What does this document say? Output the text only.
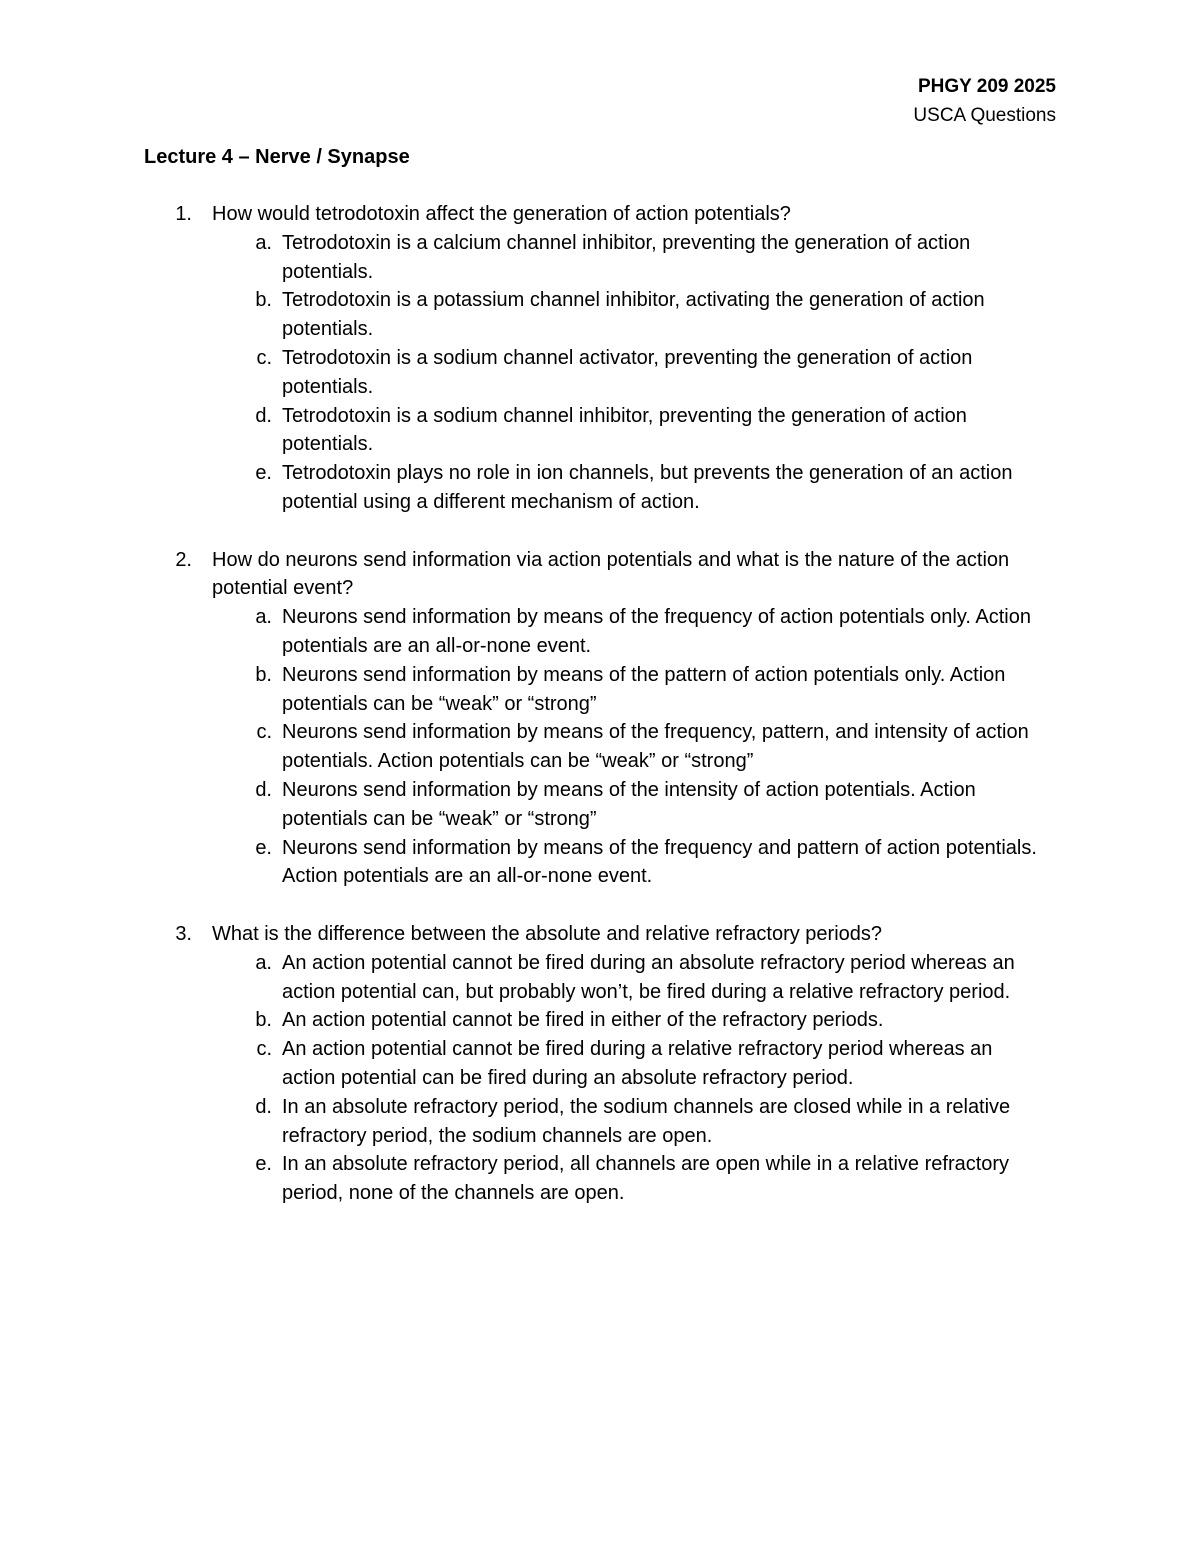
PHGY 209 2025
USCA Questions
Lecture 4 – Nerve / Synapse
1.	How would tetrodotoxin affect the generation of action potentials?
a. Tetrodotoxin is a calcium channel inhibitor, preventing the generation of action potentials.
b. Tetrodotoxin is a potassium channel inhibitor, activating the generation of action potentials.
c. Tetrodotoxin is a sodium channel activator, preventing the generation of action potentials.
d. Tetrodotoxin is a sodium channel inhibitor, preventing the generation of action potentials.
e. Tetrodotoxin plays no role in ion channels, but prevents the generation of an action potential using a different mechanism of action.
2.	How do neurons send information via action potentials and what is the nature of the action potential event?
a. Neurons send information by means of the frequency of action potentials only. Action potentials are an all-or-none event.
b. Neurons send information by means of the pattern of action potentials only. Action potentials can be “weak” or “strong”
c. Neurons send information by means of the frequency, pattern, and intensity of action potentials. Action potentials can be “weak” or “strong”
d. Neurons send information by means of the intensity of action potentials. Action potentials can be “weak” or “strong”
e. Neurons send information by means of the frequency and pattern of action potentials. Action potentials are an all-or-none event.
3.	What is the difference between the absolute and relative refractory periods?
a. An action potential cannot be fired during an absolute refractory period whereas an action potential can, but probably won’t, be fired during a relative refractory period.
b. An action potential cannot be fired in either of the refractory periods.
c. An action potential cannot be fired during a relative refractory period whereas an action potential can be fired during an absolute refractory period.
d. In an absolute refractory period, the sodium channels are closed while in a relative refractory period, the sodium channels are open.
e. In an absolute refractory period, all channels are open while in a relative refractory period, none of the channels are open.
